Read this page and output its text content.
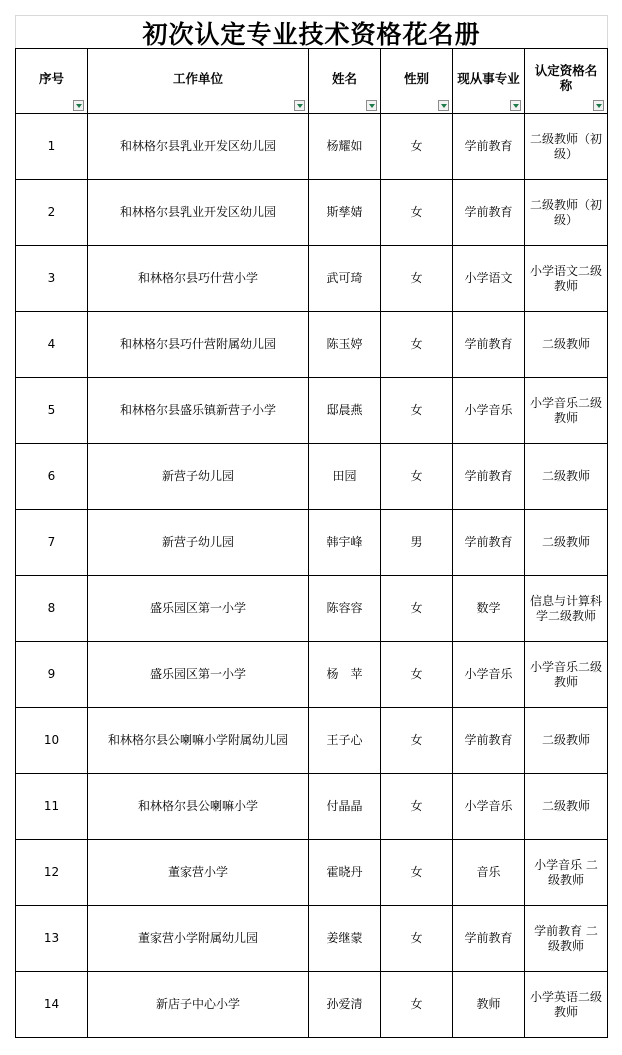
初次认定专业技术资格花名册
序号	工作单位	姓名	性别	现从事专业	认定资格名称

1	和林格尔县乳业开发区幼儿园	杨耀如	女	学前教育	二级教师（初级）

2	和林格尔县乳业开发区幼儿园	斯孳婧	女	学前教育	二级教师（初级）

3	和林格尔县巧什营小学	武可琦	女	小学语文	小学语文二级教师

4	和林格尔县巧什营附属幼儿园	陈玉婷	女	学前教育	二级教师

5	和林格尔县盛乐镇新营子小学	邸晨燕	女	小学音乐	小学音乐二级教师

6	新营子幼儿园	田园	女	学前教育	二级教师

7	新营子幼儿园	韩宇峰	男	学前教育	二级教师

8	盛乐园区第一小学	陈容容	女	数学	信息与计算科学二级教师

9	盛乐园区第一小学	杨　苹	女	小学音乐	小学音乐二级教师

10	和林格尔县公喇嘛小学附属幼儿园	王子心	女	学前教育	二级教师

11	和林格尔县公喇嘛小学	付晶晶	女	小学音乐	二级教师

12	董家营小学	霍晓丹	女	音乐	小学音乐 二级教师

13	董家营小学附属幼儿园	姜继蒙	女	学前教育	学前教育 二级教师

14	新店子中心小学	孙爱清	女	教师	小学英语二级教师
